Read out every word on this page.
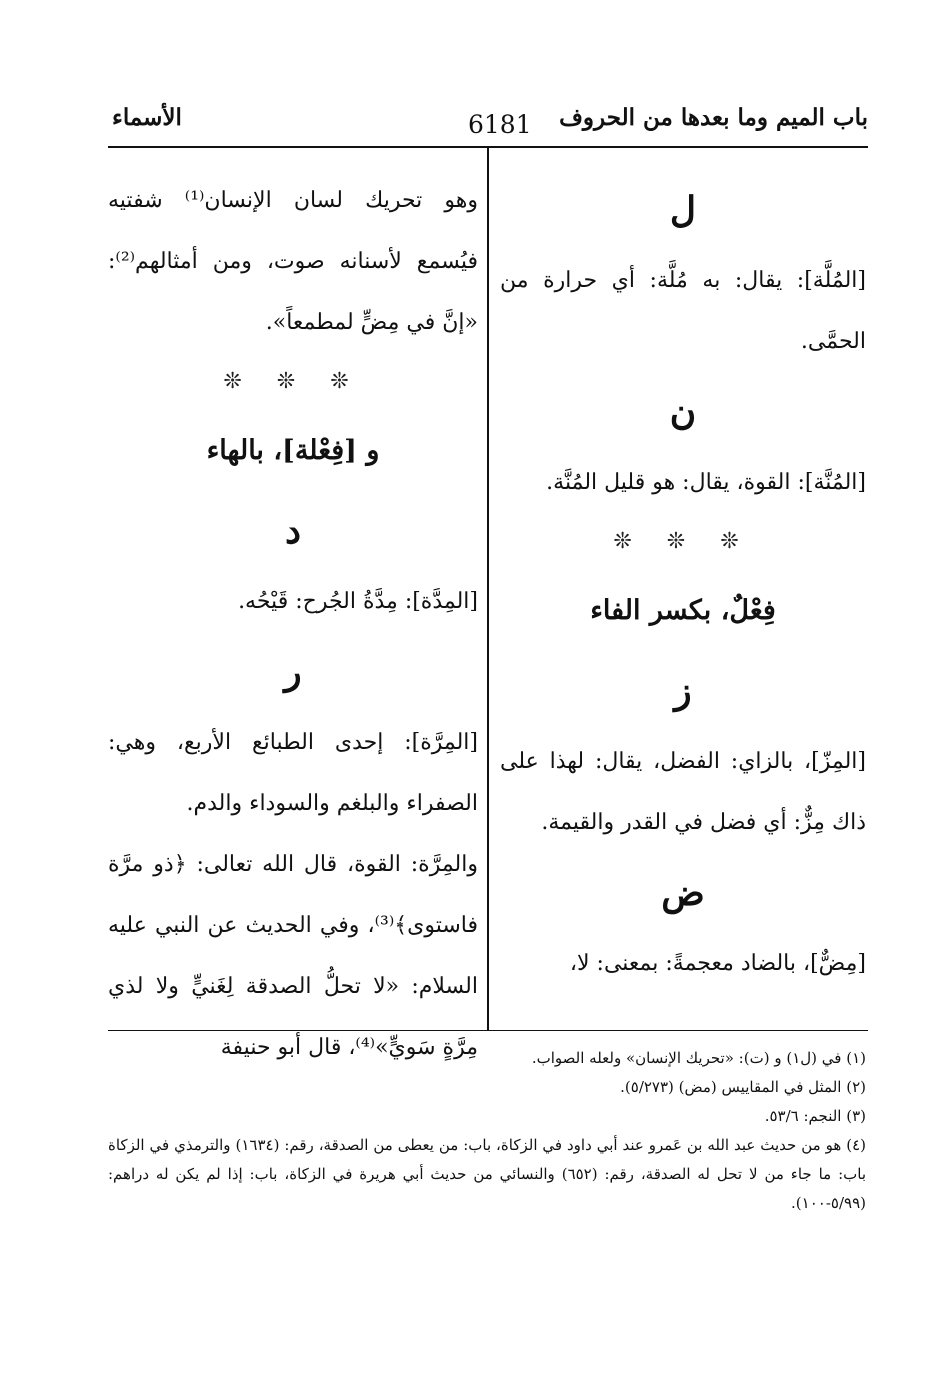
باب الميم وما بعدها من الحروف
6181
الأسماء
ل

[المُلَّة]: يقال: به مُلَّة: أي حرارة من الحمَّى.

ن

[المُنَّة]: القوة، يقال: هو قليل المُنَّة.

❊ ❊ ❊
فِعْلٌ، بكسر الفاء
ز

[المِزّ]، بالزاي: الفضل، يقال: لهذا على ذاك مِزٌّ: أي فضل في القدر والقيمة.

ض

[مِضٌّ]، بالضاد معجمةً: بمعنى: لا،

وهو تحريك لسان الإنسان⁽¹⁾ شفتيه فيُسمع لأسنانه صوت، ومن أمثالهم⁽²⁾: «إنَّ في مِضٍّ لمطمعاً».

❊ ❊ ❊
و [فِعْلة]، بالهاء
د

[المِدَّة]: مِدَّةُ الجُرح: قَيْحُه.

ر

[المِرَّة]: إحدى الطبائع الأربع، وهي: الصفراء والبلغم والسوداء والدم.

والمِرَّة: القوة، قال الله تعالى: ﴿ذو مرَّة فاستوى﴾⁽³⁾، وفي الحديث عن النبي عليه السلام: «لا تحلُّ الصدقة لِغَنيٍّ ولا لذي مِرَّةٍ سَويٍّ»⁽⁴⁾، قال أبو حنيفة	(١) في (ل١) و (ت): «تحريك الإنسان» ولعله الصواب.

(٢) المثل في المقاييس (مض) (٥/٢٧٣).

(٣) النجم: ٥٣/٦.

(٤) هو من حديث عبد الله بن عَمرو عند أبي داود في الزكاة، باب: من يعطى من الصدقة، رقم: (١٦٣٤) والترمذي في الزكاة باب: ما جاء من لا تحل له الصدقة، رقم: (٦٥٢) والنسائي من حديث أبي هريرة في الزكاة، باب: إذا لم يكن له دراهم: (٥/٩٩-١٠٠).
